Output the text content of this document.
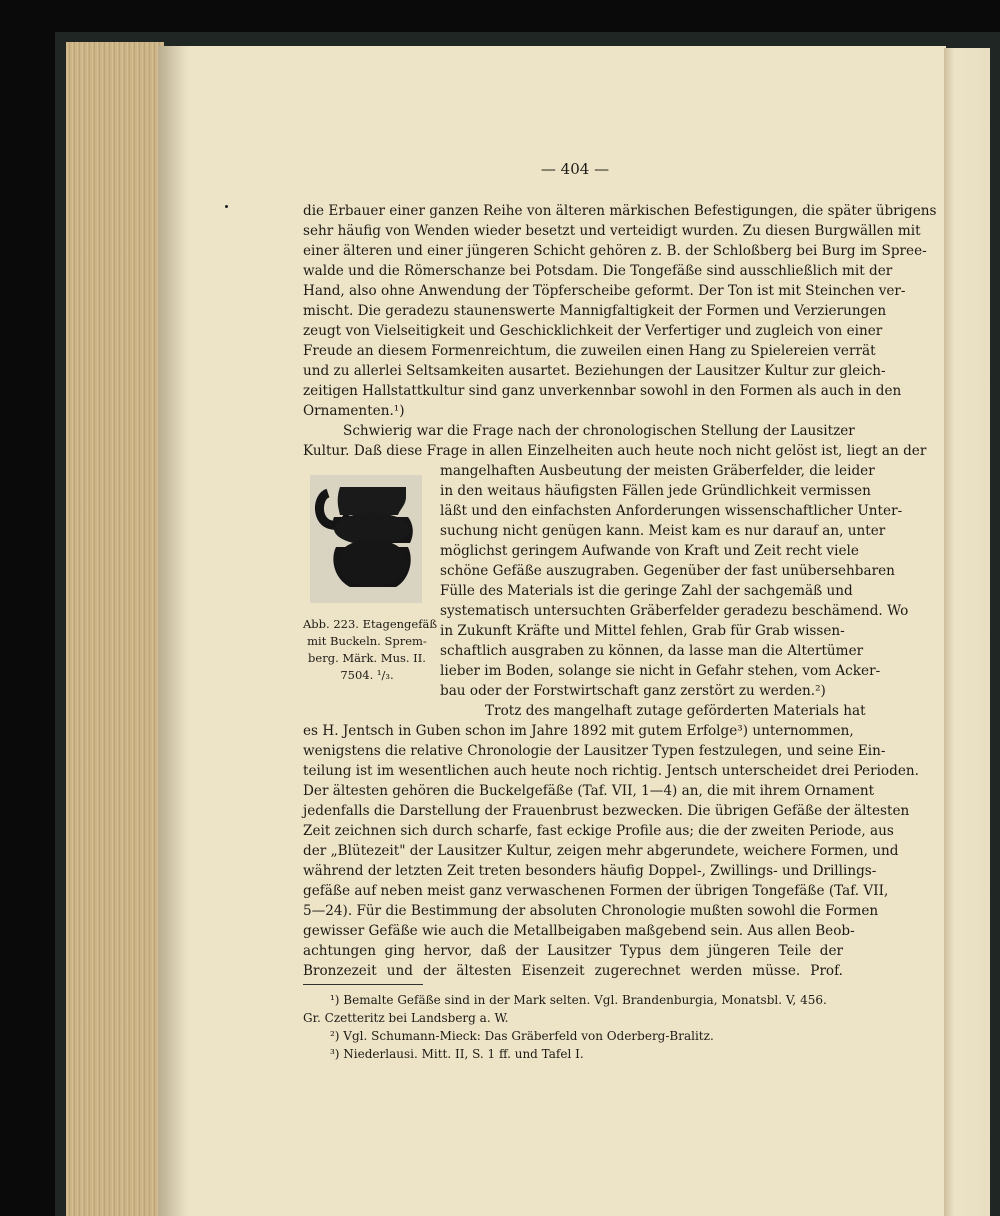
— 404 —
die Erbauer einer ganzen Reihe von älteren märkischen Befestigungen, die später übrigens
sehr häufig von Wenden wieder besetzt und verteidigt wurden. Zu diesen Burgwällen mit
einer älteren und einer jüngeren Schicht gehören z. B. der Schloßberg bei Burg im Spree-
walde und die Römerschanze bei Potsdam. Die Tongefäße sind ausschließlich mit der
Hand, also ohne Anwendung der Töpferscheibe geformt. Der Ton ist mit Steinchen ver-
mischt. Die geradezu staunenswerte Mannigfaltigkeit der Formen und Verzierungen
zeugt von Vielseitigkeit und Geschicklichkeit der Verfertiger und zugleich von einer
Freude an diesem Formenreichtum, die zuweilen einen Hang zu Spielereien verrät
und zu allerlei Seltsamkeiten ausartet. Beziehungen der Lausitzer Kultur zur gleich-
zeitigen Hallstattkultur sind ganz unverkennbar sowohl in den Formen als auch in den
Ornamenten.¹)
Schwierig war die Frage nach der chronologischen Stellung der Lausitzer
Kultur. Daß diese Frage in allen Einzelheiten auch heute noch nicht gelöst ist, liegt an der
mangelhaften Ausbeutung der meisten Gräberfelder, die leider
in den weitaus häufigsten Fällen jede Gründlichkeit vermissen
läßt und den einfachsten Anforderungen wissenschaftlicher Unter-
suchung nicht genügen kann. Meist kam es nur darauf an, unter
möglichst geringem Aufwande von Kraft und Zeit recht viele
schöne Gefäße auszugraben. Gegenüber der fast unübersehbaren
Fülle des Materials ist die geringe Zahl der sachgemäß und
systematisch untersuchten Gräberfelder geradezu beschämend. Wo
in Zukunft Kräfte und Mittel fehlen, Grab für Grab wissen-
schaftlich ausgraben zu können, da lasse man die Altertümer
lieber im Boden, solange sie nicht in Gefahr stehen, vom Acker-
bau oder der Forstwirtschaft ganz zerstört zu werden.²)
Abb. 223. Etagengefäß
mit Buckeln. Sprem-
berg. Märk. Mus. II.
7504. ¹/₃.
Trotz des mangelhaft zutage geförderten Materials hat
es H. Jentsch in Guben schon im Jahre 1892 mit gutem Erfolge³) unternommen,
wenigstens die relative Chronologie der Lausitzer Typen festzulegen, und seine Ein-
teilung ist im wesentlichen auch heute noch richtig. Jentsch unterscheidet drei Perioden.
Der ältesten gehören die Buckelgefäße (Taf. VII, 1—4) an, die mit ihrem Ornament
jedenfalls die Darstellung der Frauenbrust bezwecken. Die übrigen Gefäße der ältesten
Zeit zeichnen sich durch scharfe, fast eckige Profile aus; die der zweiten Periode, aus
der „Blütezeit" der Lausitzer Kultur, zeigen mehr abgerundete, weichere Formen, und
während der letzten Zeit treten besonders häufig Doppel-, Zwillings- und Drillings-
gefäße auf neben meist ganz verwaschenen Formen der übrigen Tongefäße (Taf. VII,
5—24). Für die Bestimmung der absoluten Chronologie mußten sowohl die Formen
gewisser Gefäße wie auch die Metallbeigaben maßgebend sein. Aus allen Beob-
achtungen ging hervor, daß der Lausitzer Typus dem jüngeren Teile der
Bronzezeit und der ältesten Eisenzeit zugerechnet werden müsse. Prof.
¹) Bemalte Gefäße sind in der Mark selten. Vgl. Brandenburgia, Monatsbl. V, 456.
Gr. Czetteritz bei Landsberg a. W.
²) Vgl. Schumann-Mieck: Das Gräberfeld von Oderberg-Bralitz.
³) Niederlausi. Mitt. II, S. 1 ff. und Tafel I.
